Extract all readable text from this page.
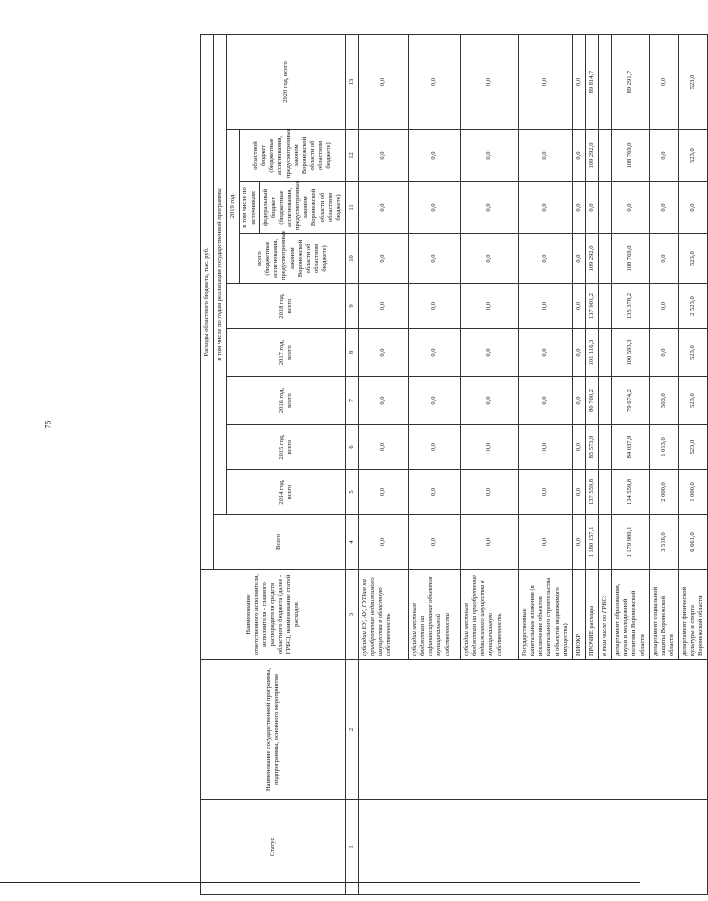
75
Статус	Наименование государственной программы, подпрограммы, основного мероприятия	Наименование ответственного исполнителя, исполнителя - главного распорядителя средств областного бюджета (далее - ГРБС), наименование статей расходов	Расходы областного бюджета, тыс. руб.									
			Всего	в том числе по годам реализации государственной программы								
				2014 год, всего	2015 год, всего	2016 год, всего	2017 год, всего	2018 год, всего	2019 год			2020 год, всего
									всего (бюджетные ассигнования, предусмотренные законом Воронежской области об областном бюджете)	в том числе по источникам: федеральный бюджет (бюджетные ассигнования, предусмотренные законом Воронежской области об областном бюджете)	областной бюджет (бюджетные ассигнования, предусмотренные законом Воронежской области об областном бюджете)	
1	2	3	4	5	6	7	8	9	10	11	12	13
		субсидии ЕУ, АУ, ГУПам на приобретение недвижимого имущества в областную собственность	0,0	0,0	0,0	0,0	0,0	0,0	0,0	0,0	0,0	0,0
		субсидии местным бюджетам на софинансирование объектов муниципальной собственности	0,0	0,0	0,0	0,0	0,0	0,0	0,0	0,0	0,0	0,0
		субсидии местным бюджетам на приобретение недвижимого имущества в муниципальную собственность	0,0	0,0	0,0	0,0	0,0	0,0	0,0	0,0	0,0	0,0
		Государственные капитальные вложения (в исключение объектов капитального строительства и объектов недвижимого имущества)	0,0	0,0	0,0	0,0	0,0	0,0	0,0	0,0	0,0	0,0
		НИОКР	0,0	0,0	0,0	0,0	0,0	0,0	0,0	0,0	0,0	0,0
		ПРОЧИЕ расходы	1 180 157,1	137 559,8	85 573,9	80 700,2	101 116,3	137 901,2	109 292,0	0,0	109 292,0	89 814,7
		в том числе по ГРБС:										
		департамент образования, науки и молодежной политики Воронежской области	1 179 980,1	134 559,8	84 037,9	79 674,2	100 593,3	135 378,2	108 769,0	0,0	108 769,0	89 291,7
		департамент социальной защиты Воронежской области	3 516,0	2 000,0	1 013,0	503,0	0,0	0,0	0,0	0,0	0,0	0,0
		департамент физической культуры и спорта Воронежской области	6 661,0	1 000,0	523,0	523,0	523,0	2 523,0	523,0	0,0	523,0	523,0
